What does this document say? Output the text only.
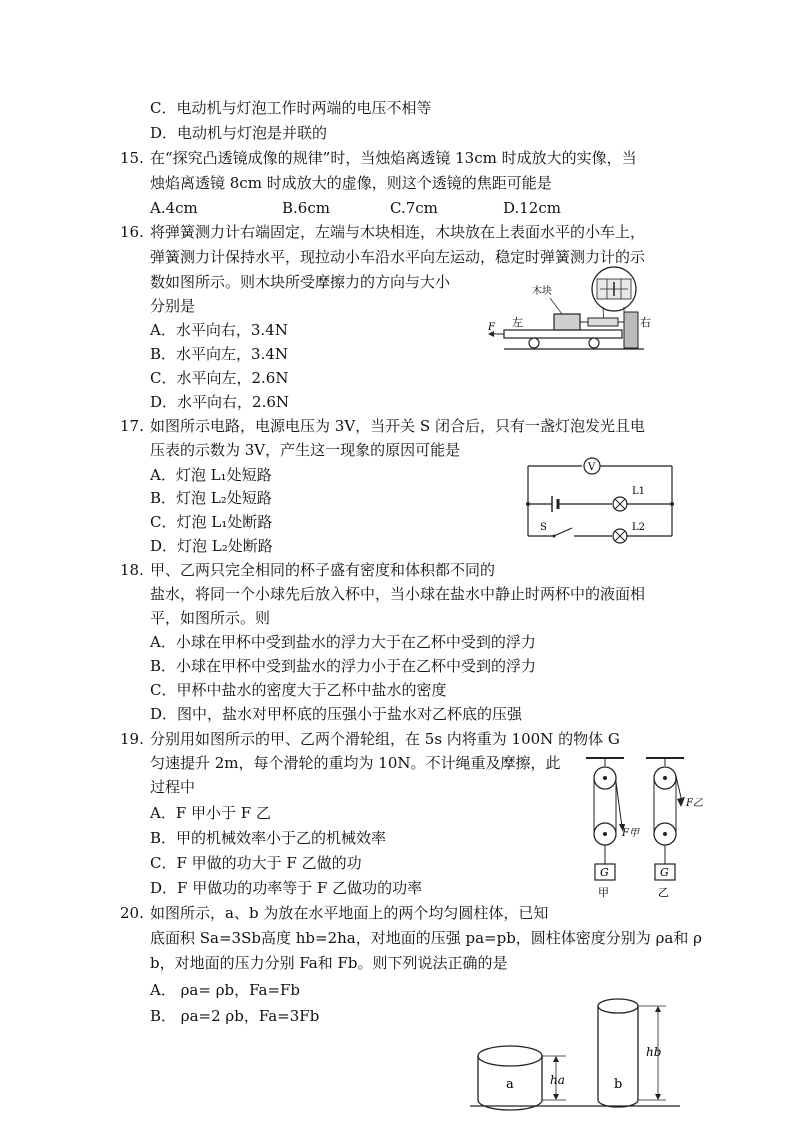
C．电动机与灯泡工作时两端的电压不相等
D．电动机与灯泡是并联的
15. 在“探究凸透镜成像的规律”时，当烛焰离透镜 13cm 时成放大的实像，当
烛焰离透镜 8cm 时成放大的虚像，则这个透镜的焦距可能是
A.4cm	B.6cm	C.7cm	D.12cm
16. 将弹簧测力计右端固定，左端与木块相连，木块放在上表面水平的小车上，
弹簧测力计保持水平，现拉动小车沿水平向左运动，稳定时弹簧测力计的示
数如图所示。则木块所受摩擦力的方向与大小
分别是
A．水平向右，3.4N
B．水平向左，3.4N
C．水平向左，2.6N
D．水平向右，2.6N
17. 如图所示电路，电源电压为 3V，当开关 S 闭合后，只有一盏灯泡发光且电
压表的示数为 3V，产生这一现象的原因可能是
A．灯泡 L₁处短路
B．灯泡 L₂处短路
C．灯泡 L₁处断路
D．灯泡 L₂处断路
18. 甲、乙两只完全相同的杯子盛有密度和体积都不同的
盐水，将同一个小球先后放入杯中，当小球在盐水中静止时两杯中的液面相
平，如图所示。则
A．小球在甲杯中受到盐水的浮力大于在乙杯中受到的浮力
B．小球在甲杯中受到盐水的浮力小于在乙杯中受到的浮力
C．甲杯中盐水的密度大于乙杯中盐水的密度
D．图中，盐水对甲杯底的压强小于盐水对乙杯底的压强
19. 分别用如图所示的甲、乙两个滑轮组，在 5s 内将重为 100N 的物体 G
匀速提升 2m，每个滑轮的重均为 10N。不计绳重及摩擦，此
过程中
A．F 甲小于 F 乙
B．甲的机械效率小于乙的机械效率
C．F 甲做的功大于 F 乙做的功
D．F 甲做功的功率等于 F 乙做功的功率
20. 如图所示，a、b 为放在水平地面上的两个均匀圆柱体，已知
底面积 Sa=3Sb高度 hb=2ha，对地面的压强 pa=pb，圆柱体密度分别为 ρa和 ρ
b，对地面的压力分别 Fa和 Fb。则下列说法正确的是
A． ρa= ρb，Fa=Fb
B． ρa=2 ρb，Fa=3Fb
F 左	右
木块
V
L1
S	L2
F甲
G
甲
F乙
G
乙
a	ha	b
hb
